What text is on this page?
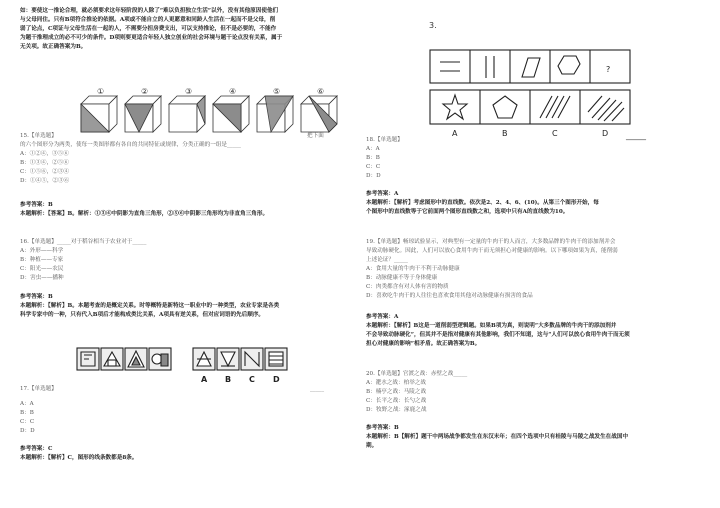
如：要使这一推论合理，就必须要求这年轻阶段的人除了“难以负担独立生活”以外，没有其他原因使他们
与父母同住。只有B项符合推论的依据。A项或不能自立的人更愿意和同龄人生活在一起而不是父母，削
弱了论点，C项证与父母生活在一起的人，不需要分担房费支出，可以支持推论，但不是必要的，不能作
为题干推理成立的必不可少的条件。D项则要更适合年轻人独立创业的社会环境与题干论点没有关系，属于
无关项。故正确答案为B。
①	②	③	④	⑤	⑥
15.【单选题】	把下面
的六个图形分为两类，使每一类图形都有各自的共同特征或规律，分类正确的一组是_____
A：①②④，③⑤⑥
B：①③④，②⑤⑥
C：①⑤⑥，②③④
D：①④⑤，②③⑥
参考答案：B
本题解析：【答案】B。解析：①③④中阴影为直角三角形，②⑤⑥中阴影三角形均为非直角三角形。
16.【单选题】_____对于稻谷相当于农业对于_____
A：外形——科学
B：种植——专家
C：阳光——农民
D：害虫——播种
参考答案：B
本题解析：【解析】B。本题考查的是概定关系。时等概特是新特这一职业中的一种类型，农业专家是各类
科学专家中的一种，只有代入B项后才能构成类比关系，A项具有逆关系，但对应词语的先后顺序。
A B C D
17.【单选题】	_____
A：A
B：B
C：C
D：D
参考答案：C
本题解析：【解析】C，图形的线条数都是8条。
3.
?
A	B	C	D _____
18.【单选题】
A：A
B：B
C：C
D：D
参考答案：A
本题解析：【解析】考虑图形中的直线数。依次是2、2、4、6、(10)。从第三个图形开始，每
个图形中的直线数等于它前面两个图形直线数之和，选项中只有A的直线数为10。
19.【单选题】畅琼试验显示，对典型有一定量的牛肉干的人而言，大多数品牌的牛肉干的添加剂并会
导致动脉硬化。因此，人们可以放心食用牛肉干而无须担心对健康的影响。以下哪项如果为真，能削弱
上述论证？_____
A：食用大量的牛肉干不利于动脉健康
B：动脉健康不等于身体健康
C：肉类都含有对人体有害的物质
D：喜欢吃牛肉干的人往往也喜欢食用其他对动脉健康有损害的食品
参考答案：A
本题解析：【解析】B这是一道削弱型逻辑题。如果B项为真，则说明“大多数品牌的牛肉干的添加剂并
不会导致动脉硬化”，但其并不是指对健康有其他影响，我们不知道，这与“人们可以放心食用牛肉干而无须
担心对健康的影响”相矛盾。故正确答案为B。
20.【单选题】官渡之战：赤壁之战_____
A：淝水之战：柏举之战
B：楠亭之战：马陵之战
C：长平之战：长勺之战
D：牧野之战：涿鹿之战
参考答案：B
本题解析：B【解析】题干中两场战争都发生在东汉末年；在四个选项中只有桂陵与马陵之战发生在战国中
期。
